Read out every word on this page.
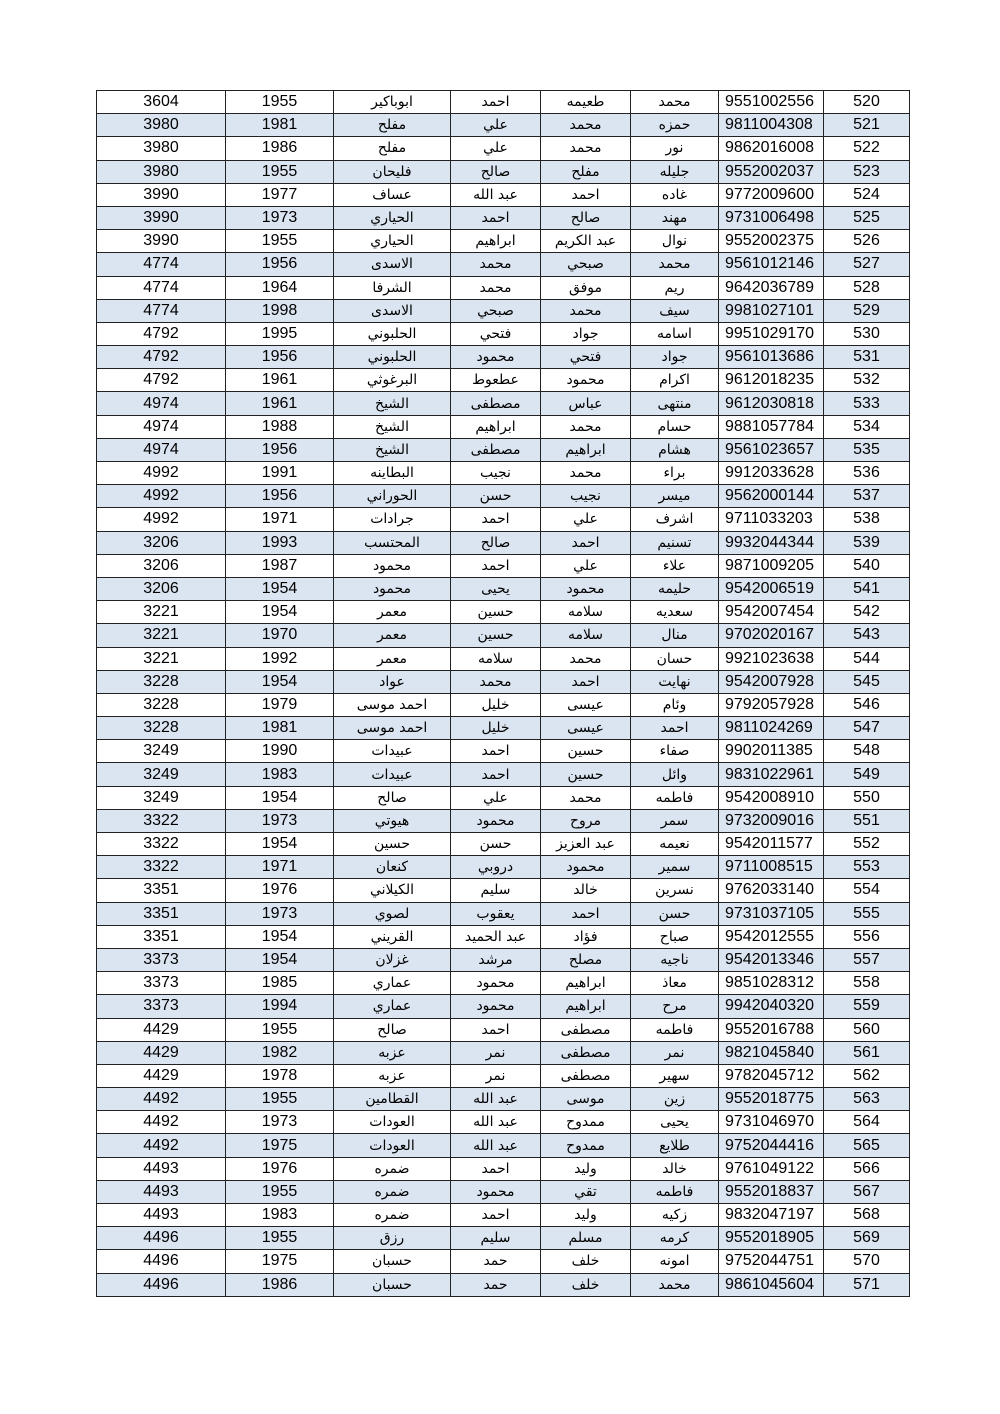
3604	1955	ابوباكير	احمد	طعيمه	محمد	9551002556	520
3980	1981	مفلح	علي	محمد	حمزه	9811004308	521
3980	1986	مفلح	علي	محمد	نور	9862016008	522
3980	1955	فليحان	صالح	مفلح	جليله	9552002037	523
3990	1977	عساف	عبد الله	احمد	غاده	9772009600	524
3990	1973	الحياري	احمد	صالح	مهند	9731006498	525
3990	1955	الحياري	ابراهيم	عبد الكريم	نوال	9552002375	526
4774	1956	الاسدى	محمد	صبحي	محمد	9561012146	527
4774	1964	الشرفا	محمد	موفق	ريم	9642036789	528
4774	1998	الاسدى	صبحي	محمد	سيف	9981027101	529
4792	1995	الحلبوني	فتحي	جواد	اسامه	9951029170	530
4792	1956	الحلبوني	محمود	فتحي	جواد	9561013686	531
4792	1961	البرغوثي	عطعوط	محمود	اكرام	9612018235	532
4974	1961	الشيخ	مصطفى	عباس	منتهى	9612030818	533
4974	1988	الشيخ	ابراهيم	محمد	حسام	9881057784	534
4974	1956	الشيخ	مصطفى	ابراهيم	هشام	9561023657	535
4992	1991	البطاينه	نجيب	محمد	براء	9912033628	536
4992	1956	الحوراني	حسن	نجيب	ميسر	9562000144	537
4992	1971	جرادات	احمد	علي	اشرف	9711033203	538
3206	1993	المحتسب	صالح	احمد	تسنيم	9932044344	539
3206	1987	محمود	احمد	علي	علاء	9871009205	540
3206	1954	محمود	يحيى	محمود	حليمه	9542006519	541
3221	1954	معمر	حسين	سلامه	سعديه	9542007454	542
3221	1970	معمر	حسين	سلامه	منال	9702020167	543
3221	1992	معمر	سلامه	محمد	حسان	9921023638	544
3228	1954	عواد	محمد	احمد	نهايت	9542007928	545
3228	1979	احمد موسى	خليل	عيسى	وئام	9792057928	546
3228	1981	احمد موسى	خليل	عيسى	احمد	9811024269	547
3249	1990	عبيدات	احمد	حسين	صفاء	9902011385	548
3249	1983	عبيدات	احمد	حسين	وائل	9831022961	549
3249	1954	صالح	علي	محمد	فاطمه	9542008910	550
3322	1973	هيوتي	محمود	مروح	سمر	9732009016	551
3322	1954	حسين	حسن	عبد العزيز	نعيمه	9542011577	552
3322	1971	كنعان	دروبي	محمود	سمير	9711008515	553
3351	1976	الكيلاني	سليم	خالد	نسرين	9762033140	554
3351	1973	لصوي	يعقوب	احمد	حسن	9731037105	555
3351	1954	القريني	عبد الحميد	فؤاد	صباح	9542012555	556
3373	1954	غزلان	مرشد	مصلح	ناجيه	9542013346	557
3373	1985	عماري	محمود	ابراهيم	معاذ	9851028312	558
3373	1994	عماري	محمود	ابراهيم	مرح	9942040320	559
4429	1955	صالح	احمد	مصطفى	فاطمه	9552016788	560
4429	1982	عزبه	نمر	مصطفى	نمر	9821045840	561
4429	1978	عزبه	نمر	مصطفى	سهير	9782045712	562
4492	1955	القطامين	عبد الله	موسى	زين	9552018775	563
4492	1973	العودات	عبد الله	ممدوح	يحيى	9731046970	564
4492	1975	العودات	عبد الله	ممدوح	طلايع	9752044416	565
4493	1976	ضمره	احمد	وليد	خالد	9761049122	566
4493	1955	ضمره	محمود	تقي	فاطمه	9552018837	567
4493	1983	ضمره	احمد	وليد	زكيه	9832047197	568
4496	1955	رزق	سليم	مسلم	كرمه	9552018905	569
4496	1975	حسبان	حمد	خلف	امونه	9752044751	570
4496	1986	حسبان	حمد	خلف	محمد	9861045604	571
